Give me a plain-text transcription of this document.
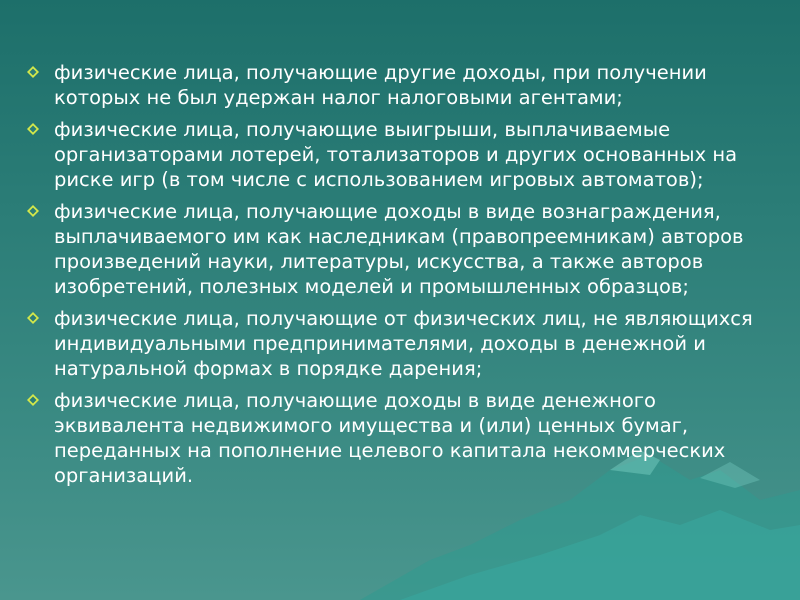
физические лица, получающие другие доходы, при получении которых не был удержан налог налоговыми агентами;
физические лица, получающие выигрыши, выплачиваемые организаторами лотерей, тотализаторов и других основанных на риске игр (в том числе с использованием игровых автоматов);
физические лица, получающие доходы в виде вознаграждения, выплачиваемого им как наследникам (правопреемникам) авторов произведений науки, литературы, искусства, а также авторов изобретений, полезных моделей и промышленных образцов;
физические лица, получающие от физических лиц, не являющихся индивидуальными предпринимателями, доходы в денежной и натуральной формах в порядке дарения;
физические лица, получающие доходы в виде денежного эквивалента недвижимого имущества и (или) ценных бумаг, переданных на пополнение целевого капитала некоммерческих организаций.
